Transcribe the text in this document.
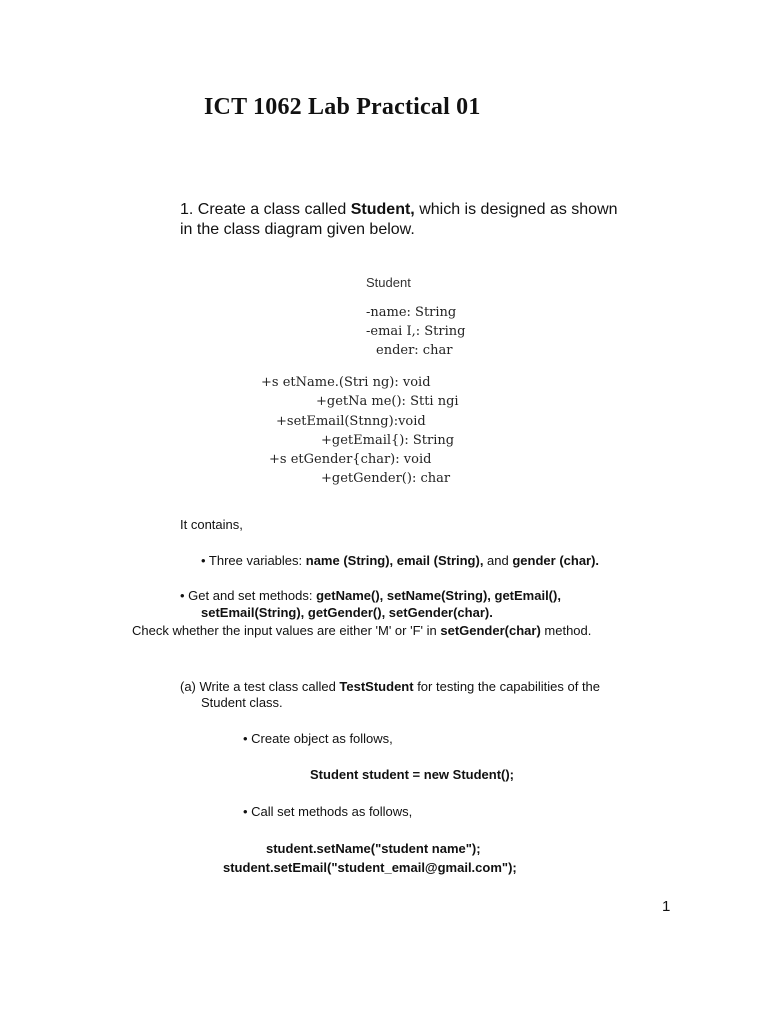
ICT 1062 Lab Practical 01
1. Create a class called Student, which is designed as shown
in the class diagram given below.
Student
-name: String
-emai I,: String
ender: char
+s etName.(Stri ng): void
+getNa me(): Stti ngi
+setEmail(Stnng):void
+getEmail{): String
+s etGender{char): void
+getGender(): char
It contains,
• Three variables: name (String), email (String), and gender (char).
• Get and set methods: getName(), setName(String), getEmail(),
setEmail(String), getGender(), setGender(char).
Check whether the input values are either 'M' or 'F' in setGender(char) method.
(a) Write a test class called TestStudent for testing the capabilities of the
Student class.
• Create object as follows,
Student student = new Student();
• Call set methods as follows,
student.setName("student name");
student.setEmail("student_email@gmail.com");
1
